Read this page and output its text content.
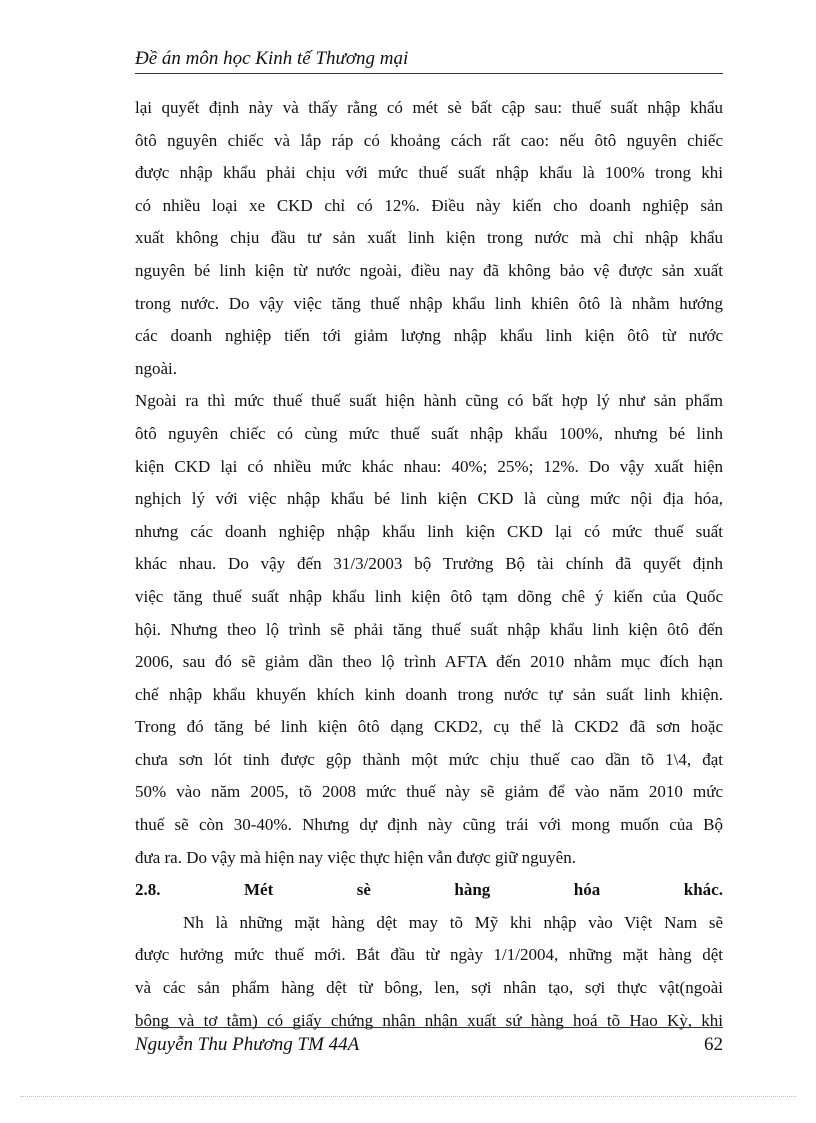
Đề án môn học Kinh tế Thương mại
lại quyết định này và thấy rằng có mét sè bất cập sau: thuế suất nhập khẩu
ôtô nguyên chiếc và lắp ráp có khoảng cách rất cao: nếu ôtô nguyên chiếc
được nhập khẩu phải chịu với mức thuế suất nhập khẩu là 100% trong khi
có nhiều loại xe CKD chỉ có 12%. Điều này kiến cho doanh nghiệp sản
xuất không chịu đầu tư sản xuất linh kiện trong nước mà chỉ nhập khẩu
nguyên bé linh kiện từ nước ngoài, điều nay đã không bảo vệ được sản xuất
trong nước. Do vậy việc tăng thuế nhập khẩu linh khiên ôtô là nhằm hướng
các doanh nghiệp tiến tới giảm lượng nhập khẩu linh kiện ôtô từ nước
ngoài.
Ngoài ra thì mức thuế thuế suất hiện hành cũng có bất hợp lý như sản phẩm
ôtô nguyên chiếc có cùng mức thuế suất nhập khẩu 100%, nhưng bé linh
kiện CKD lại có nhiều mức khác nhau: 40%; 25%; 12%. Do vậy xuất hiện
nghịch lý với việc nhập khẩu bé linh kiện CKD là cùng mức nội địa hóa,
nhưng các doanh nghiệp nhập khẩu linh kiện CKD lại có mức thuế suất
khác nhau. Do vậy đến 31/3/2003 bộ Trưởng Bộ tài chính đã quyết định
việc tăng thuế suất nhập khẩu linh kiện ôtô tạm dõng chê ý kiến của Quốc
hội. Nhưng theo lộ trình sẽ phải tăng thuế suất nhập khẩu linh kiện ôtô đến
2006, sau đó sẽ giảm dần theo lộ trình AFTA đến 2010 nhằm mục đích hạn
chế nhập khẩu khuyến khích kinh doanh trong nước tự sản suất linh khiện.
Trong đó tăng bé linh kiện ôtô dạng CKD2, cụ thể là CKD2 đã sơn hoặc
chưa sơn lót tinh được gộp thành một mức chịu thuế cao dần tõ 1\4, đạt
50% vào năm 2005, tõ 2008 mức thuế này sẽ giảm để vào năm 2010 mức
thuế sẽ còn 30-40%. Nhưng dự định này cũng trái với mong muốn của Bộ
đưa ra. Do vậy mà hiện nay việc thực hiện vẫn được giữ nguyên.
2.8.	Mét	sè	hàng	hóa	khác.
Nh là những mặt hàng dệt may tõ Mỹ khi nhập vào Việt Nam sẽ
được hưởng mức thuế mới. Bắt đầu từ ngày 1/1/2004, những mặt hàng dệt
và các sản phẩm hàng dệt từ bông, len, sợi nhân tạo, sợi thực vật(ngoài
bông và tơ tằm) có giấy chứng nhận nhận xuất sứ hàng hoá tõ Hao Kỳ, khi
Nguyễn Thu Phương TM 44A	62
